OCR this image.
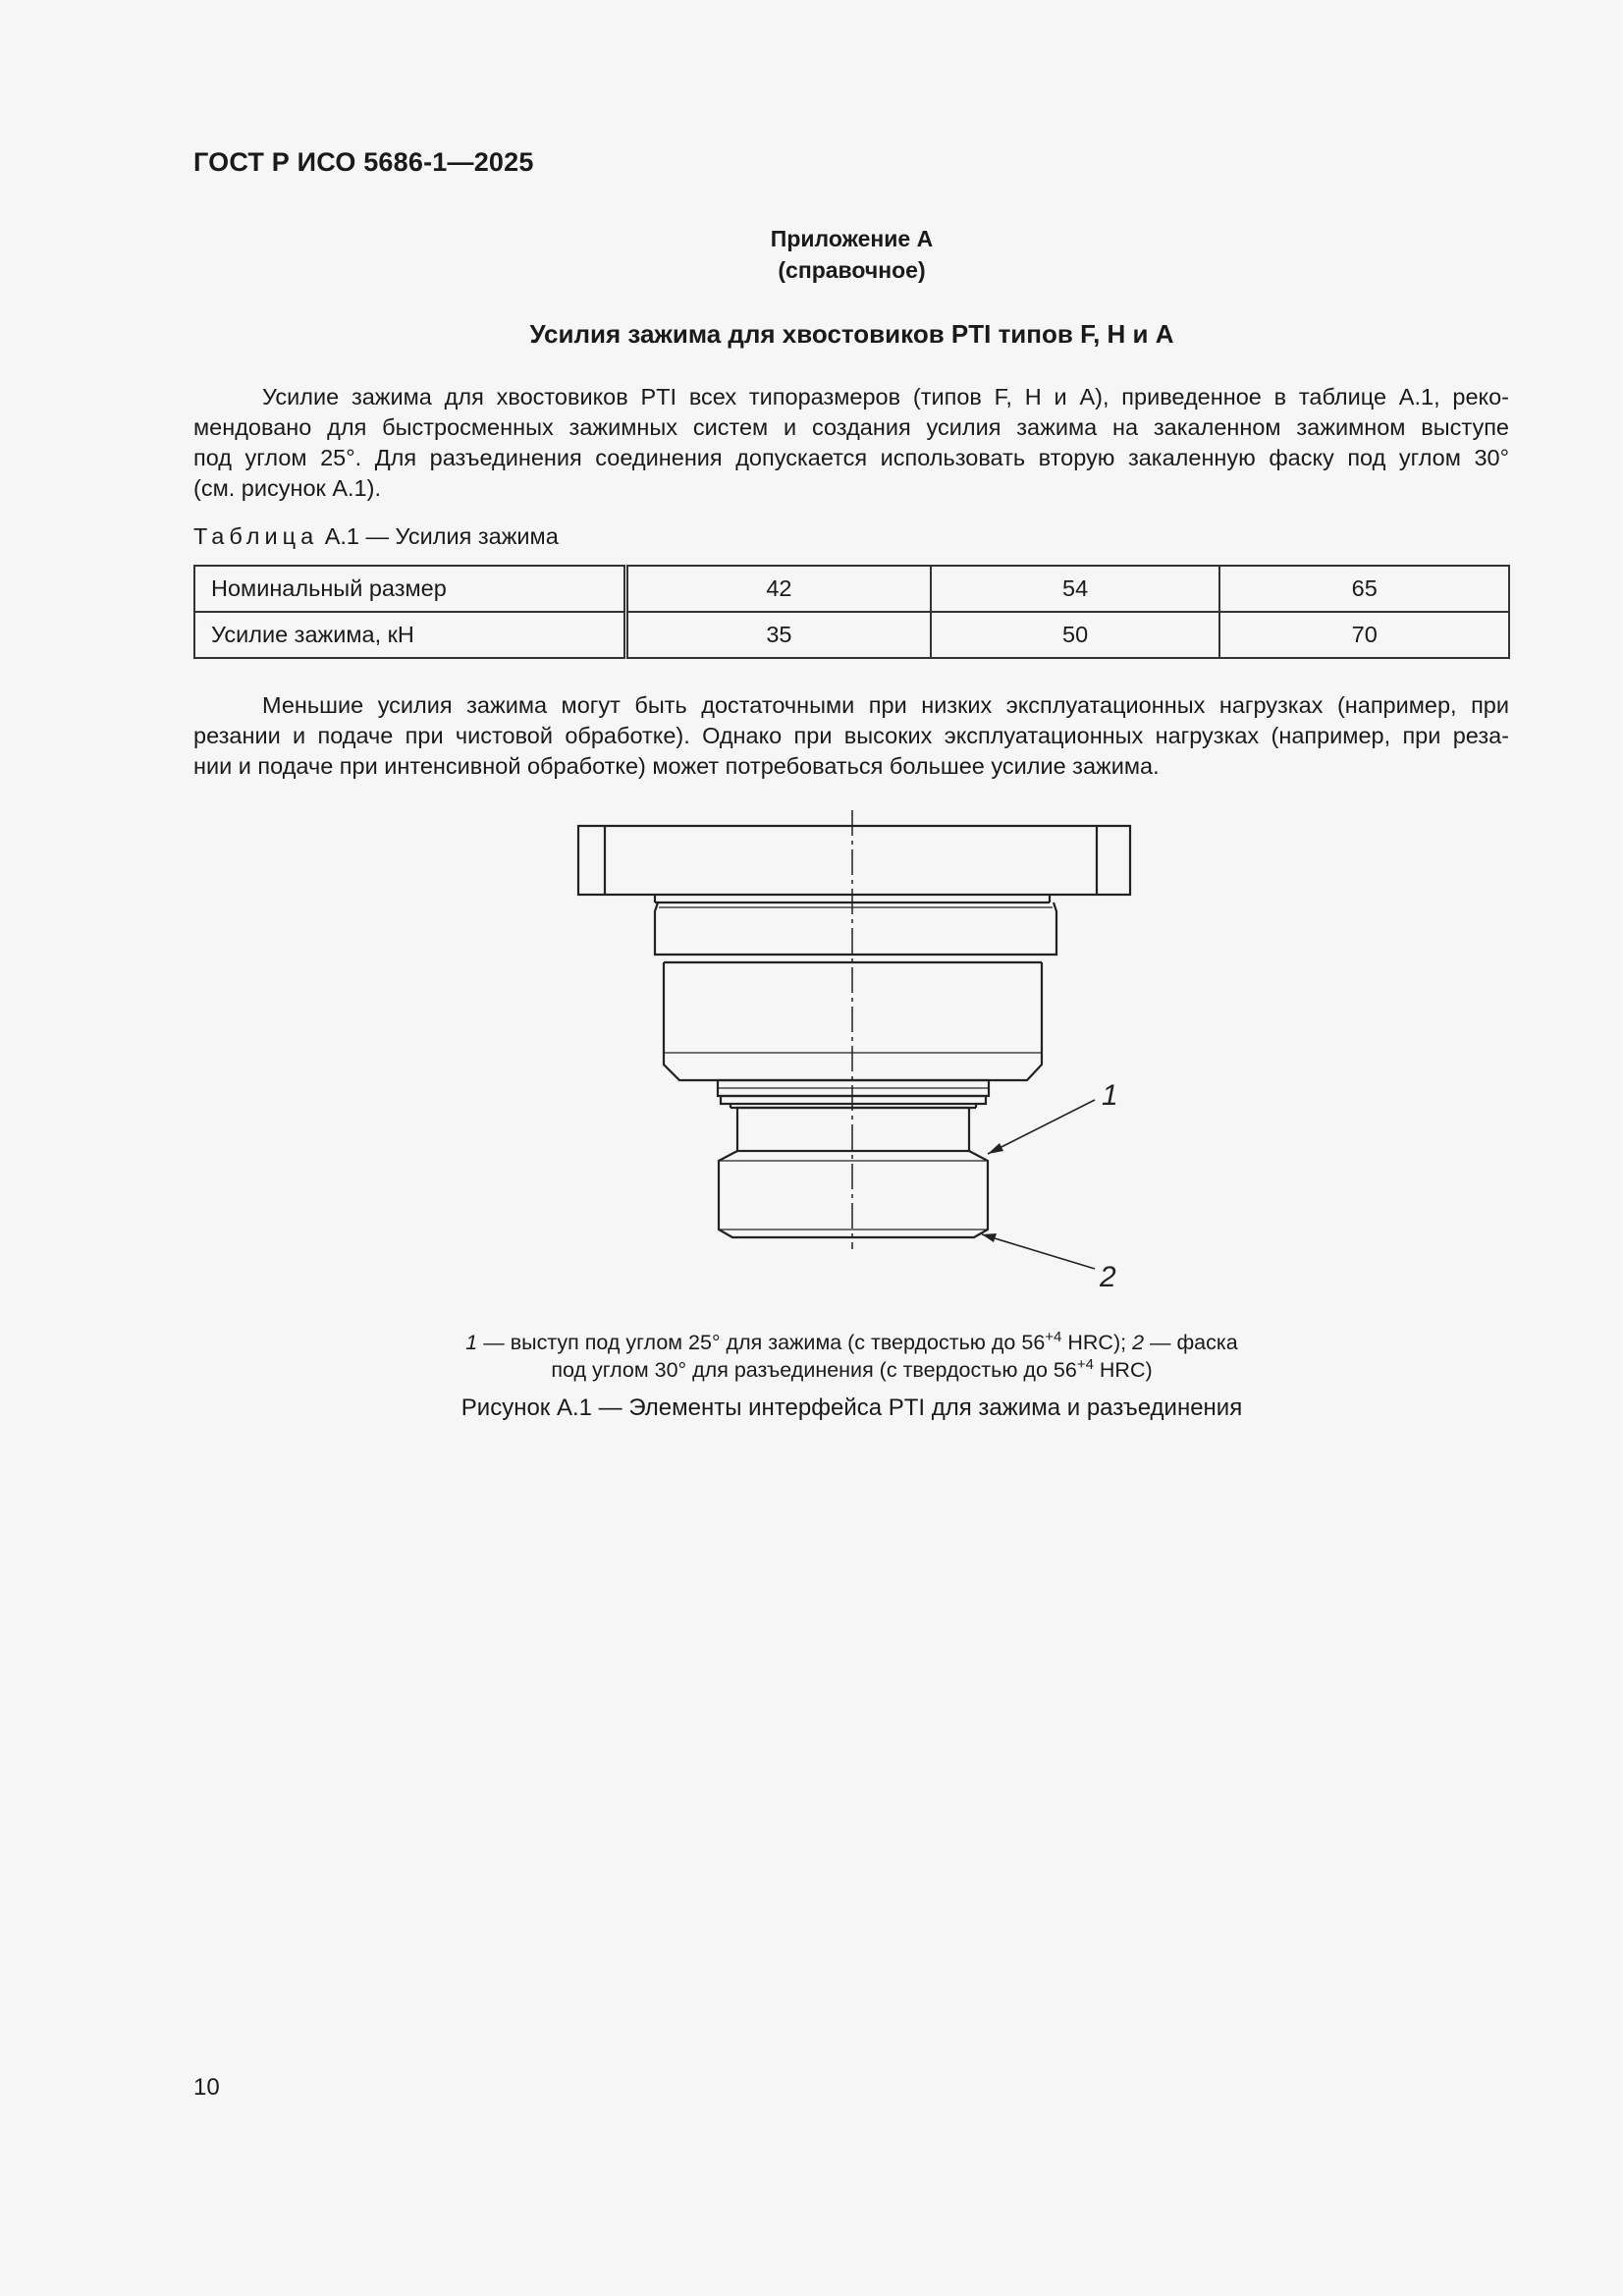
ГОСТ Р ИСО 5686-1—2025
Приложение А
(справочное)
Усилия зажима для хвостовиков PTI типов F, H и A
Усилие зажима для хвостовиков PTI всех типоразмеров (типов F, H и A), приведенное в таблице А.1, реко-
мендовано для быстросменных зажимных систем и создания усилия зажима на закаленном зажимном выступе
под углом 25°. Для разъединения соединения допускается использовать вторую закаленную фаску под углом 30°
(см. рисунок А.1).
Таблица А.1 — Усилия зажима
Номинальный размер	42	54	65
Усилие зажима, кН	35	50	70
Меньшие усилия зажима могут быть достаточными при низких эксплуатационных нагрузках (например, при
резании и подаче при чистовой обработке). Однако при высоких эксплуатационных нагрузках (например, при реза-
нии и подаче при интенсивной обработке) может потребоваться большее усилие зажима.
1
2
1 — выступ под углом 25° для зажима (с твердостью до $56^{+4}$ HRC); 2 — фаска
под углом 30° для разъединения (с твердостью до $56^{+4}$ HRC)
Рисунок А.1 — Элементы интерфейса PTI для зажима и разъединения
10
